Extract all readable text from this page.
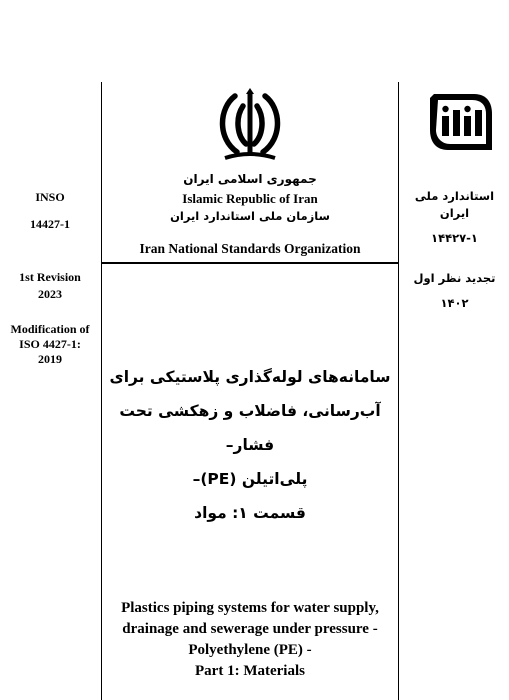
INSO
14427-1
1st Revision
2023
Modification of
ISO 4427-1:
2019
جمهوری اسلامی ایران
Islamic Republic of Iran
سازمان ملی استاندارد ایران
Iran National Standards Organization
استاندارد ملی ایران
۱۴۴۲۷-۱
تجدید نظر اول
۱۴۰۲
سامانه‌های لوله‌گذاری پلاستیکی برای
آب‌رسانی، فاضلاب و زهکشی تحت فشار–
پلی‌اتیلن (PE)–
قسمت ۱: مواد
Plastics piping systems for water supply,
drainage and sewerage under pressure -
Polyethylene (PE) -
Part 1: Materials
